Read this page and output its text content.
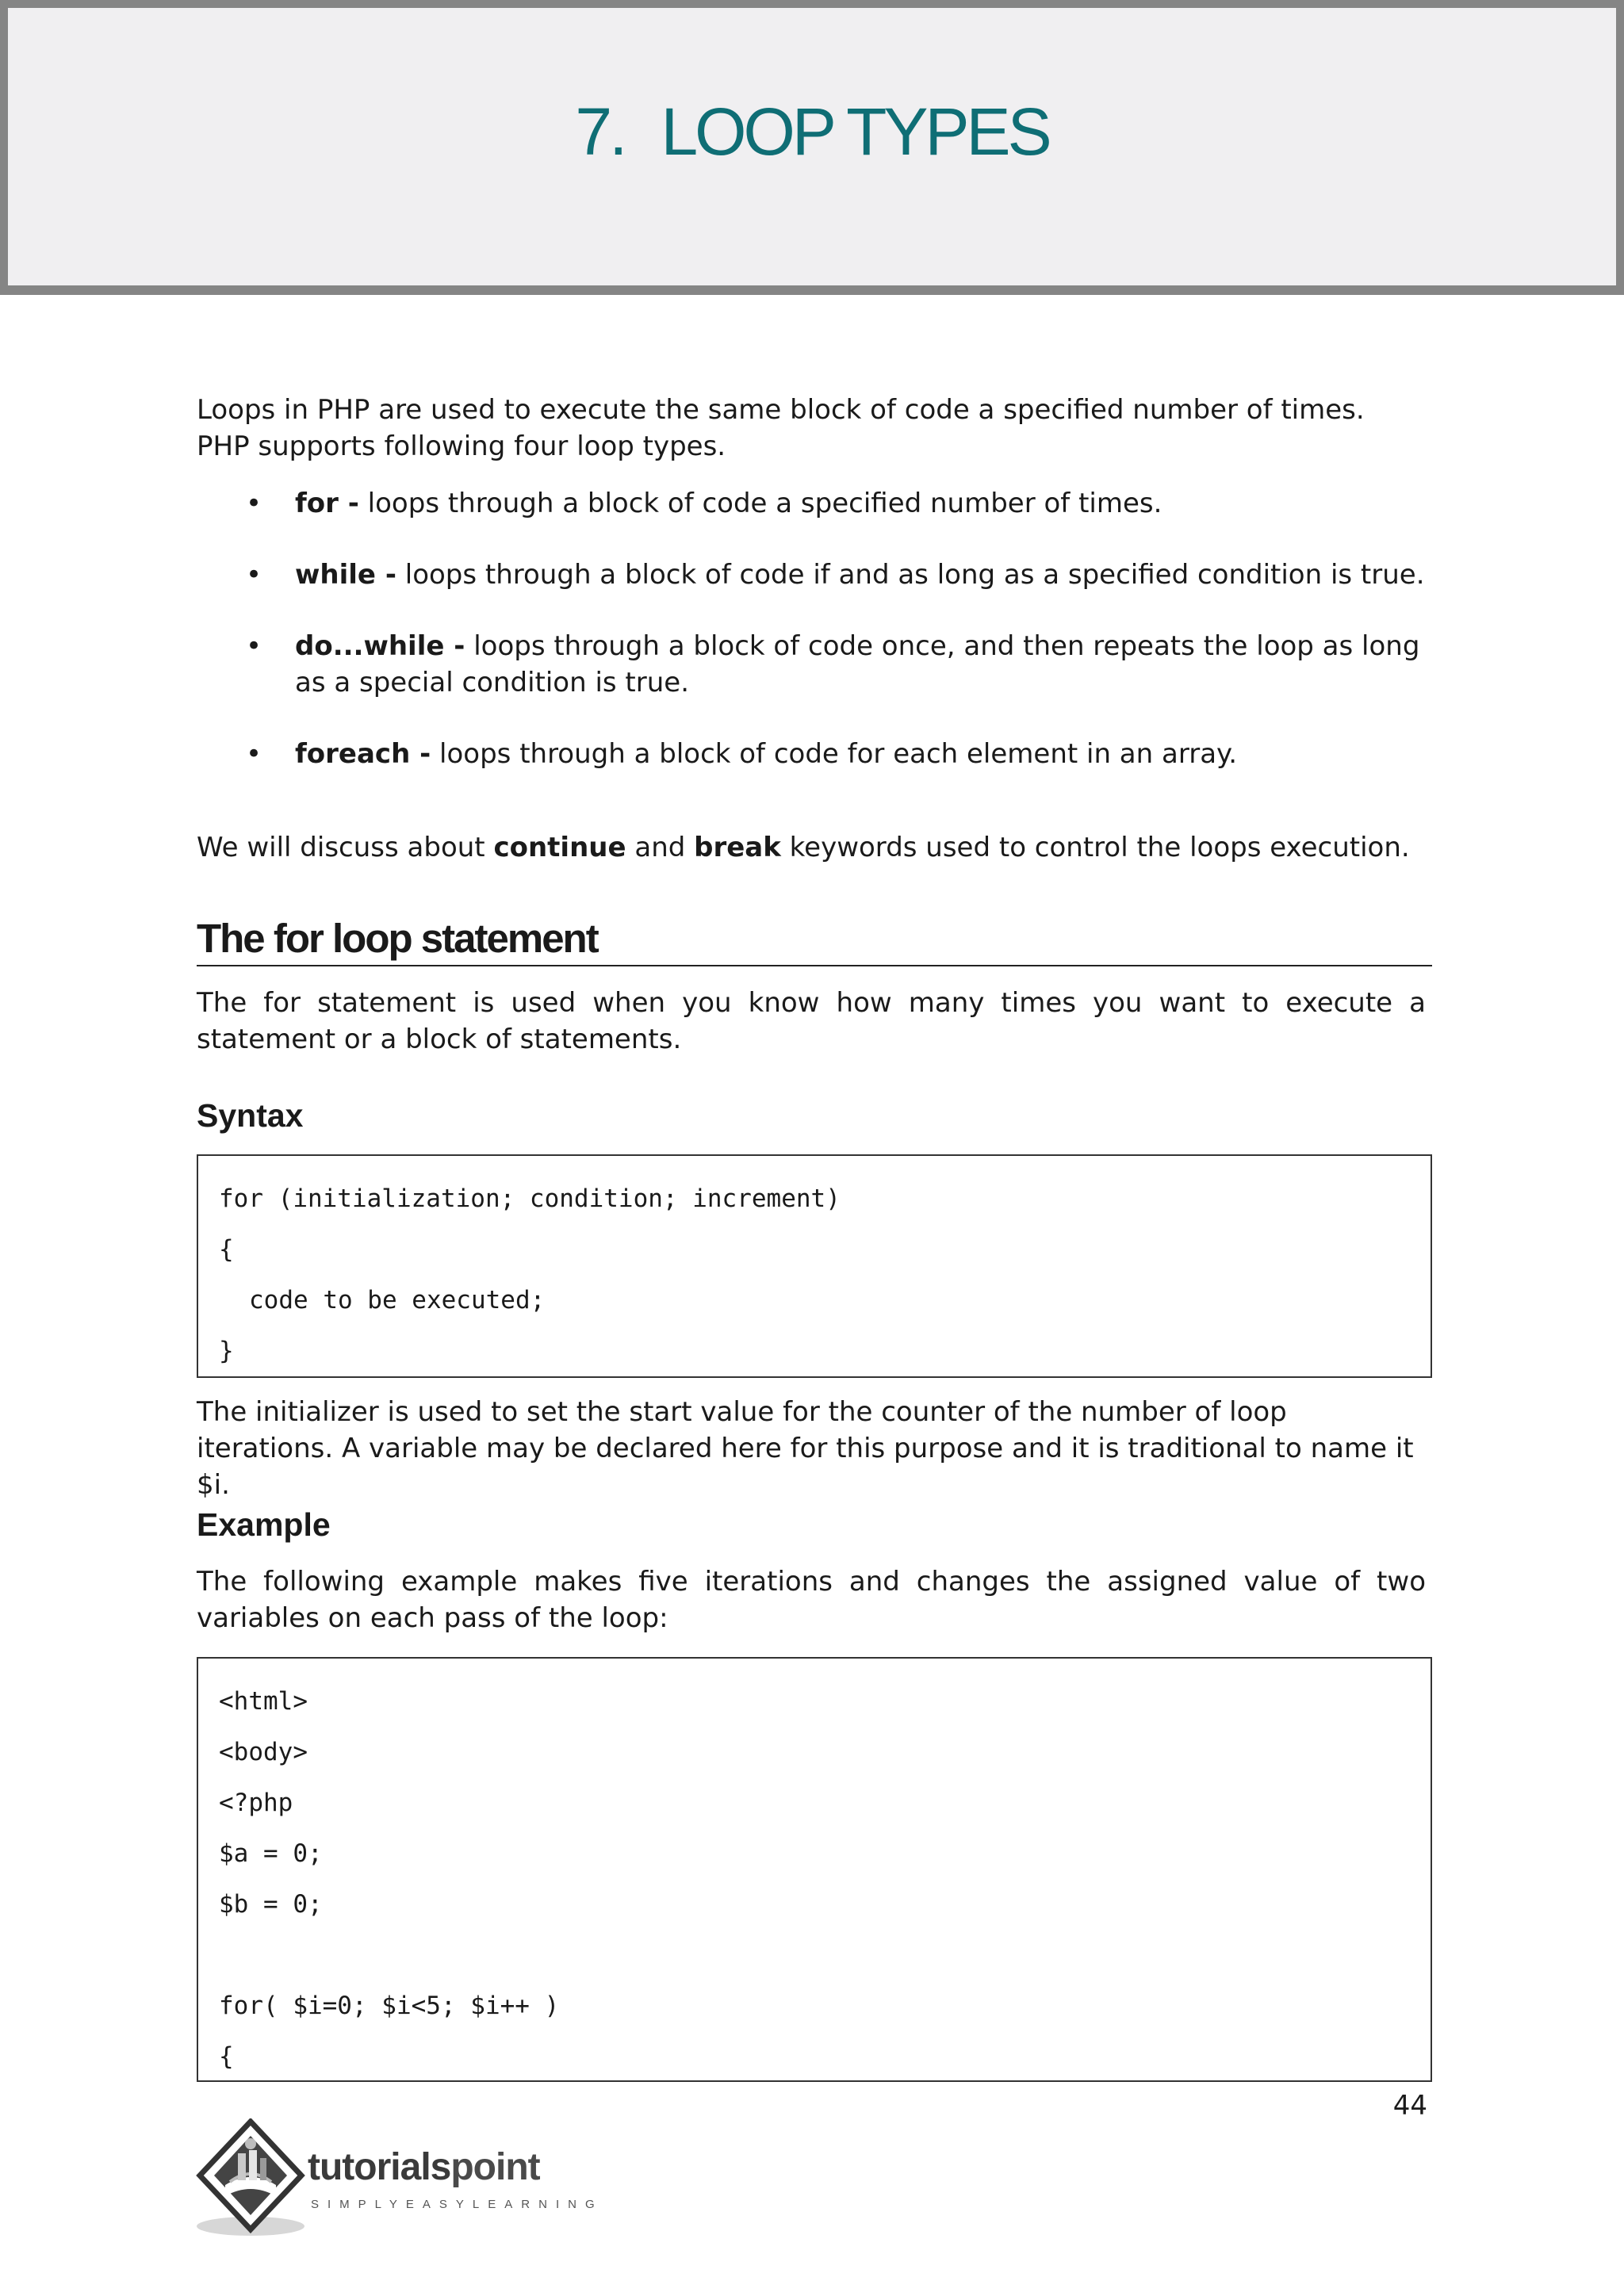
7. LOOP TYPES

Loops in PHP are used to execute the same block of code a specified number of times. PHP supports following four loop types.

• for - loops through a block of code a specified number of times.
• while - loops through a block of code if and as long as a specified condition is true.
• do...while - loops through a block of code once, and then repeats the loop as long as a special condition is true.
• foreach - loops through a block of code for each element in an array.

We will discuss about continue and break keywords used to control the loops execution.

The for loop statement

The for statement is used when you know how many times you want to execute a statement or a block of statements.

Syntax
for (initialization; condition; increment)
{
code to be executed;
}

The initializer is used to set the start value for the counter of the number of loop iterations. A variable may be declared here for this purpose and it is traditional to name it $i.

Example

The following example makes five iterations and changes the assigned value of two variables on each pass of the loop:

<html>
<body>
<?php
$a = 0;
$b = 0;
for( $i=0; $i<5; $i++ )
{
44
tutorialspoint
SIMPLYEASYLEARNING
